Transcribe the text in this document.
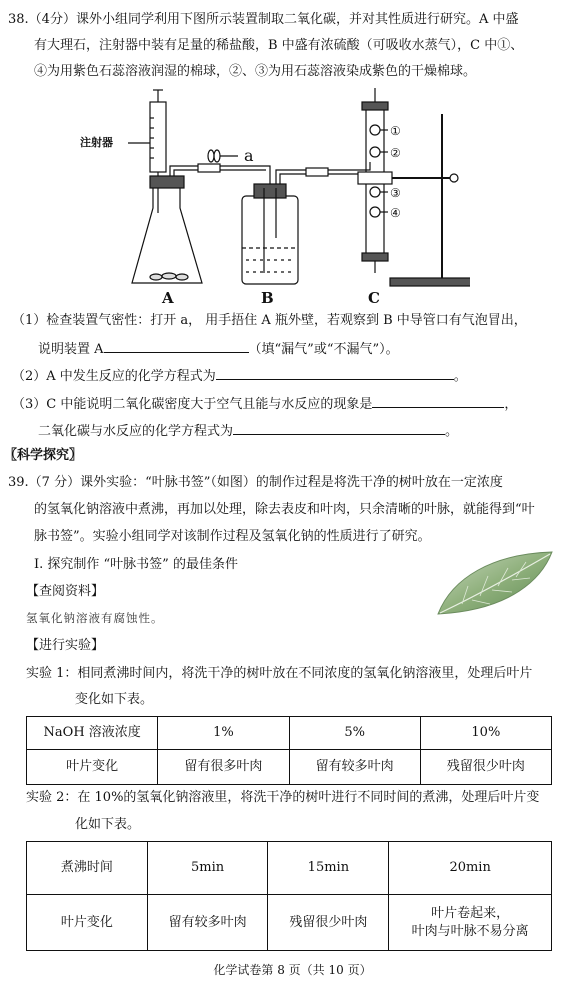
38.（4分）课外小组同学利用下图所示装置制取二氧化碳，并对其性质进行研究。A 中盛
有大理石，注射器中装有足量的稀盐酸，B 中盛有浓硫酸（可吸收水蒸气），C 中①、
④为用紫色石蕊溶液润湿的棉球，②、③为用石蕊溶液染成紫色的干燥棉球。
注射器
a
A	B	C
①
②
③
④
（1）检查装置气密性：打开 a， 用手捂住 A 瓶外壁，若观察到 B 中导管口有气泡冒出，
说明装置 A	（填“漏气”或“不漏气”）。
（2）A 中发生反应的化学方程式为	。
（3）C 中能说明二氧化碳密度大于空气且能与水反应的现象是	，
二氧化碳与水反应的化学方程式为	。
〖科学探究〗
39.（7 分）课外实验：“叶脉书签”（如图）的制作过程是将洗干净的树叶放在一定浓度
的氢氧化钠溶液中煮沸，再加以处理，除去表皮和叶肉，只余清晰的叶脉，就能得到“叶
脉书签”。实验小组同学对该制作过程及氢氧化钠的性质进行了研究。
Ⅰ. 探究制作 “叶脉书签” 的最佳条件
【查阅资料】
氢氧化钠溶液有腐蚀性。
【进行实验】
实验 1：相同煮沸时间内，将洗干净的树叶放在不同浓度的氢氧化钠溶液里，处理后叶片
变化如下表。
NaOH 溶液浓度	1%	5%	10%
叶片变化	留有很多叶肉	留有较多叶肉	残留很少叶肉
实验 2：在 10%的氢氧化钠溶液里，将洗干净的树叶进行不同时间的煮沸，处理后叶片变
化如下表。
煮沸时间	5min	15min	20min
叶片变化	留有较多叶肉	残留很少叶肉	叶片卷起来，
叶肉与叶脉不易分离
化学试卷第 8 页（共 10 页）
